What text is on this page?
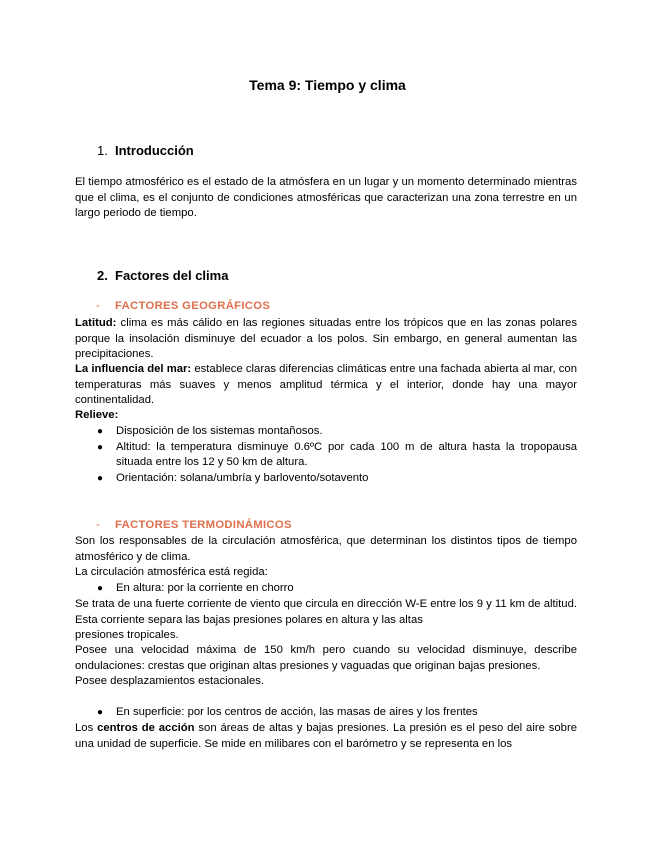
Tema 9: Tiempo y clima
1. Introducción

El tiempo atmosférico es el estado de la atmósfera en un lugar y un momento determinado mientras que el clima, es el conjunto de condiciones atmosféricas que caracterizan una zona terrestre en un largo periodo de tiempo.

2. Factores del clima

- FACTORES GEOGRÁFICOS

Latitud: clima es más cálido en las regiones situadas entre los trópicos que en las zonas polares porque la insolación disminuye del ecuador a los polos. Sin embargo, en general aumentan las precipitaciones.

La influencia del mar: establece claras diferencias climáticas entre una fachada abierta al mar, con temperaturas más suaves y menos amplitud térmica y el interior, donde hay una mayor continentalidad.

Relieve:

● Disposición de los sistemas montañosos.
● Altitud: la temperatura disminuye 0.6ºC por cada 100 m de altura hasta la tropopausa situada entre los 12 y 50 km de altura.
● Orientación: solana/umbría y barlovento/sotavento

- FACTORES TERMODINÁMICOS

Son los responsables de la circulación atmosférica, que determinan los distintos tipos de tiempo atmosférico y de clima.

La circulación atmosférica está regida:

● En altura: por la corriente en chorro

Se trata de una fuerte corriente de viento que circula en dirección W-E entre los 9 y 11 km de altitud. Esta corriente separa las bajas presiones polares en altura y las altas
presiones tropicales.

Posee una velocidad máxima de 150 km/h pero cuando su velocidad disminuye, describe ondulaciones: crestas que originan altas presiones y vaguadas que originan bajas presiones.

Posee desplazamientos estacionales.

● En superficie: por los centros de acción, las masas de aires y los frentes

Los centros de acción son áreas de altas y bajas presiones. La presión es el peso del aire sobre una unidad de superficie. Se mide en milibares con el barómetro y se representa en los
